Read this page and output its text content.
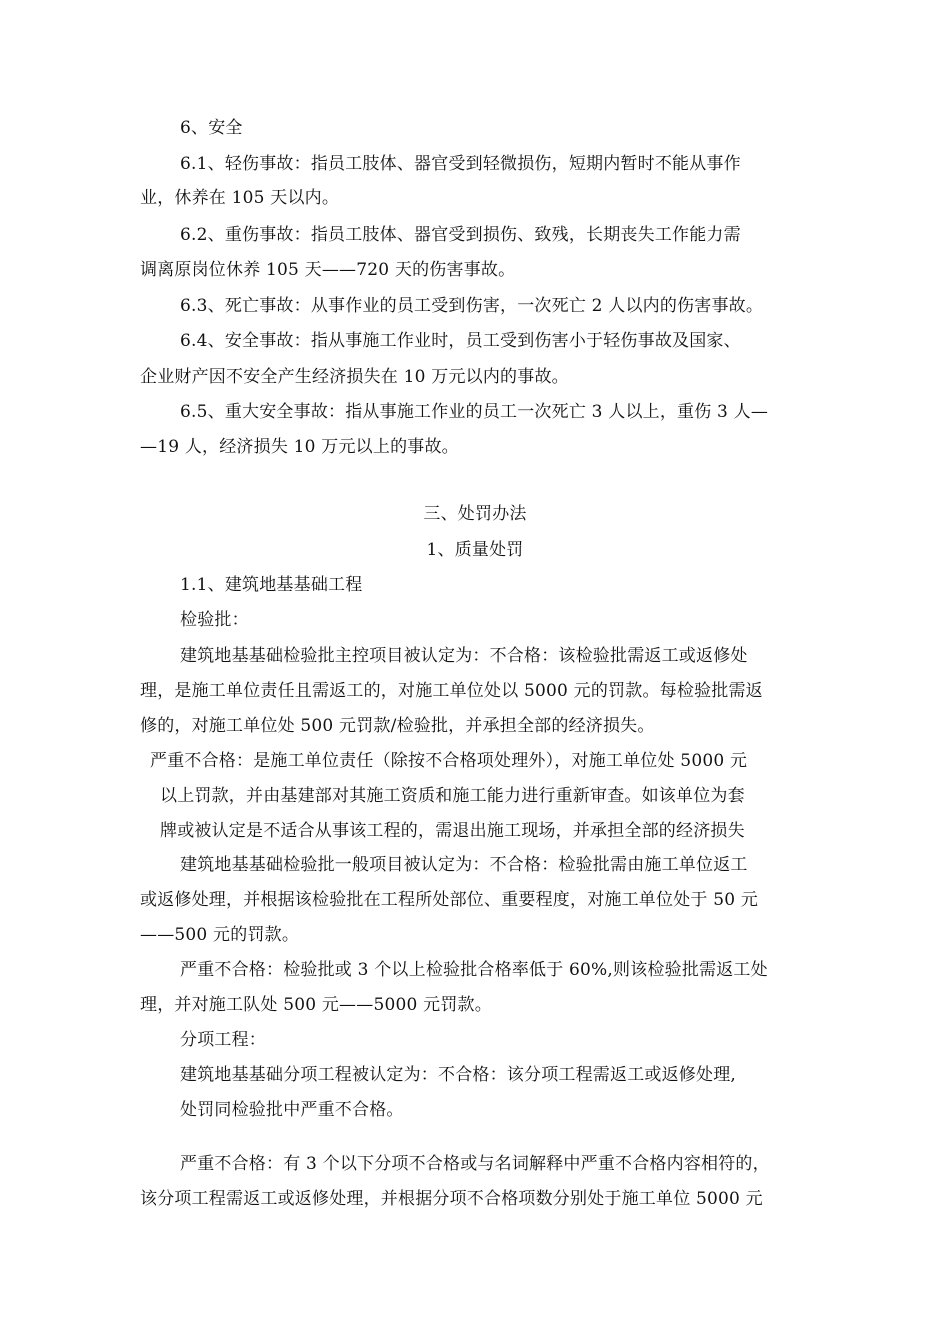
6、安全
6.1、轻伤事故：指员工肢体、器官受到轻微损伤，短期内暂时不能从事作
业，休养在 105 天以内。
6.2、重伤事故：指员工肢体、器官受到损伤、致残，长期丧失工作能力需
调离原岗位休养 105 天——720 天的伤害事故。
6.3、死亡事故：从事作业的员工受到伤害，一次死亡 2 人以内的伤害事故。
6.4、安全事故：指从事施工作业时，员工受到伤害小于轻伤事故及国家、
企业财产因不安全产生经济损失在 10 万元以内的事故。
6.5、重大安全事故：指从事施工作业的员工一次死亡 3 人以上，重伤 3 人—
—19 人，经济损失 10 万元以上的事故。
三、处罚办法
1、质量处罚
1.1、建筑地基基础工程
检验批：
建筑地基基础检验批主控项目被认定为：不合格：该检验批需返工或返修处
理，是施工单位责任且需返工的，对施工单位处以 5000 元的罚款。每检验批需返
修的，对施工单位处 500 元罚款/检验批，并承担全部的经济损失。
严重不合格：是施工单位责任（除按不合格项处理外），对施工单位处 5000 元
以上罚款，并由基建部对其施工资质和施工能力进行重新审查。如该单位为套
牌或被认定是不适合从事该工程的，需退出施工现场，并承担全部的经济损失
建筑地基基础检验批一般项目被认定为：不合格：检验批需由施工单位返工
或返修处理，并根据该检验批在工程所处部位、重要程度，对施工单位处于 50 元
——500 元的罚款。
严重不合格：检验批或 3 个以上检验批合格率低于 60%,则该检验批需返工处
理，并对施工队处 500 元——5000 元罚款。
分项工程：
建筑地基基础分项工程被认定为：不合格：该分项工程需返工或返修处理,
处罚同检验批中严重不合格。
严重不合格：有 3 个以下分项不合格或与名词解释中严重不合格内容相符的，
该分项工程需返工或返修处理，并根据分项不合格项数分别处于施工单位 5000 元
